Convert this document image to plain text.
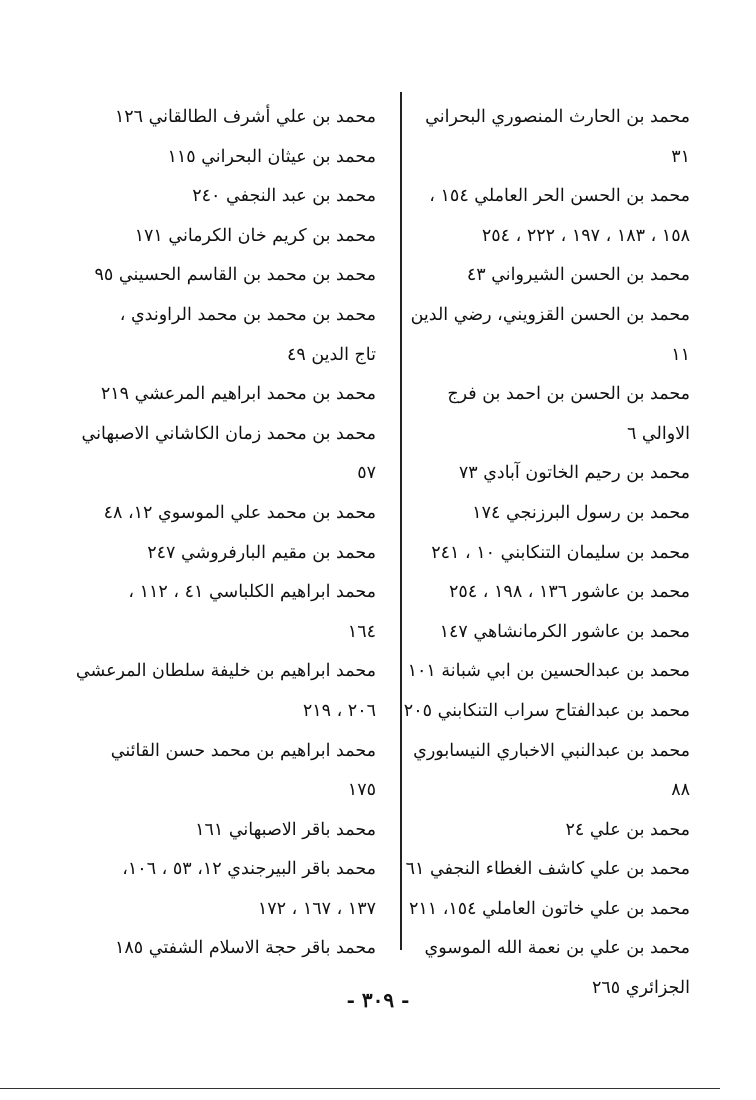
محمد بن الحارث المنصوري البحراني
٣١
محمد بن الحسن الحر العاملي ١٥٤ ،
١٥٨ ، ١٨٣ ، ١٩٧ ، ٢٢٢ ، ٢٥٤
محمد بن الحسن الشيرواني ٤٣
محمد بن الحسن القزويني، رضي الدين
١١
محمد بن الحسن بن احمد بن فرج
الاوالي ٦
محمد بن رحيم الخاتون آبادي ٧٣
محمد بن رسول البرزنجي ١٧٤
محمد بن سليمان التنكابني ١٠ ، ٢٤١
محمد بن عاشور ١٣٦ ، ١٩٨ ، ٢٥٤
محمد بن عاشور الكرمانشاهي ١٤٧
محمد بن عبدالحسين بن ابي شبانة ١٠١
محمد بن عبدالفتاح سراب التنكابني ٢٠٥
محمد بن عبدالنبي الاخباري النيسابوري
٨٨
محمد بن علي ٢٤
محمد بن علي كاشف الغطاء النجفي ٦١
محمد بن علي خاتون العاملي ١٥٤، ٢١١
محمد بن علي بن نعمة الله الموسوي
الجزائري ٢٦٥
محمد بن علي أشرف الطالقاني ١٢٦
محمد بن عيثان البحراني ١١٥
محمد بن عبد النجفي ٢٤٠
محمد بن كريم خان الكرماني ١٧١
محمد بن محمد بن القاسم الحسيني ٩٥
محمد بن محمد بن محمد الراوندي ،
تاج الدين ٤٩
محمد بن محمد ابراهيم المرعشي ٢١٩
محمد بن محمد زمان الكاشاني الاصبهاني
٥٧
محمد بن محمد علي الموسوي ١٢، ٤٨
محمد بن مقيم البارفروشي ٢٤٧
محمد ابراهيم الكلباسي ٤١ ، ١١٢ ،
١٦٤
محمد ابراهيم بن خليفة سلطان المرعشي
٢٠٦ ، ٢١٩
محمد ابراهيم بن محمد حسن القائني
١٧٥
محمد باقر الاصبهاني ١٦١
محمد باقر البيرجندي ١٢، ٥٣ ، ١٠٦،
١٣٧ ، ١٦٧ ، ١٧٢
محمد باقر حجة الاسلام الشفتي ١٨٥
- ٣٠٩ -
